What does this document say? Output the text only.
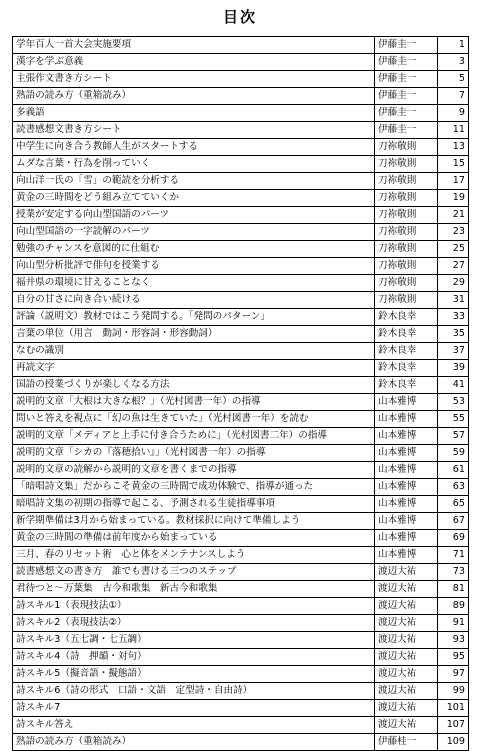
目次
学年百人一首大会実施要項	伊藤圭一	1
漢字を学ぶ意義	伊藤圭一	3
主張作文書き方シート	伊藤圭一	5
熟語の読み方（重箱読み）	伊藤圭一	7
多義語	伊藤圭一	9
読書感想文書き方シート	伊藤圭一	11
中学生に向き合う教師人生がスタートする	刀祢敬則	13
ムダな言葉・行為を削っていく	刀祢敬則	15
向山洋一氏の「雪」の範読を分析する	刀祢敬則	17
黄金の三時間をどう組み立てていくか	刀祢敬則	19
授業が安定する向山型国語のパーツ	刀祢敬則	21
向山型国語の一字読解のパーツ	刀祢敬則	23
勉強のチャンスを意図的に仕組む	刀祢敬則	25
向山型分析批評で俳句を授業する	刀祢敬則	27
福井県の環境に甘えることなく	刀祢敬則	29
自分の甘さに向き合い続ける	刀祢敬則	31
評論（説明文）教材ではこう発問する。「発問のパターン」	鈴木良幸	33
言葉の単位（用言　動詞・形容詞・形容動詞）	鈴木良幸	35
なむの識別	鈴木良幸	37
再読文字	鈴木良幸	39
国語の授業づくりが楽しくなる方法	鈴木良幸	41
説明的文章「大根は大きな根？」（光村図書一年）の指導	山本雅博	53
問いと答えを視点に「幻の魚は生きていた」（光村図書一年）を読む	山本雅博	55
説明的文章「メディアと上手に付き合うために」（光村図書二年）の指導	山本雅博	57
説明的文章「シカの『落穂拾い』」（光村図書一年）の指導	山本雅博	59
説明的文章の読解から説明的文章を書くまでの指導	山本雅博	61
「暗唱詩文集」だからこそ黄金の三時間で成功体験で、指導が通った	山本雅博	63
暗唱詩文集の初期の指導で起こる、予測される生徒指導事項	山本雅博	65
新学期準備は3月から始まっている。教材採択に向けて準備しよう	山本雅博	67
黄金の三時間の準備は前年度から始まっている	山本雅博	69
三月、春のリセット術　心と体をメンテナンスしよう	山本雅博	71
読書感想文の書き方　誰でも書ける三つのステップ	渡辺大祐	73
君待つと～万葉集　古今和歌集　新古今和歌集	渡辺大祐	81
詩スキル1（表現技法①）	渡辺大祐	89
詩スキル2（表現技法②）	渡辺大祐	91
詩スキル3（五七調・七五調）	渡辺大祐	93
詩スキル4（詩　押韻・対句）	渡辺大祐	95
詩スキル5（擬音語・擬態語）	渡辺大祐	97
詩スキル6（詩の形式　口語・文語　定型詩・自由詩）	渡辺大祐	99
詩スキル7	渡辺大祐	101
詩スキル答え	渡辺大祐	107
熟語の読み方（重箱読み）	伊藤桂一	109
